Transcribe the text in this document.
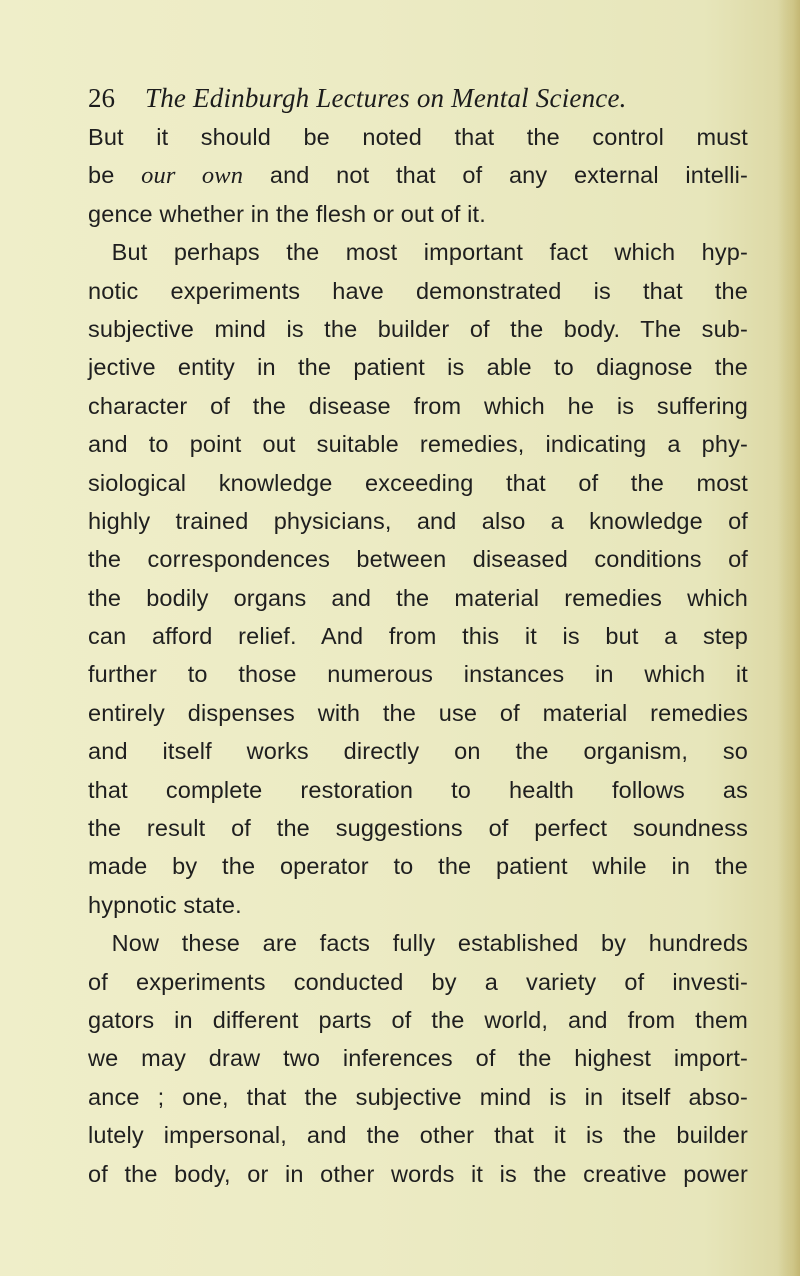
26 The Edinburgh Lectures on Mental Science.
But it should be noted that the control must
be our own and not that of any external intelli-
gence whether in the flesh or out of it.
 But perhaps the most important fact which hyp-
notic experiments have demonstrated is that the
subjective mind is the builder of the body. The sub-
jective entity in the patient is able to diagnose the
character of the disease from which he is suffering
and to point out suitable remedies, indicating a phy-
siological knowledge exceeding that of the most
highly trained physicians, and also a knowledge of
the correspondences between diseased conditions of
the bodily organs and the material remedies which
can afford relief. And from this it is but a step
further to those numerous instances in which it
entirely dispenses with the use of material remedies
and itself works directly on the organism, so
that complete restoration to health follows as
the result of the suggestions of perfect soundness
made by the operator to the patient while in the
hypnotic state.
 Now these are facts fully established by hundreds
of experiments conducted by a variety of investi-
gators in different parts of the world, and from them
we may draw two inferences of the highest import-
ance ; one, that the subjective mind is in itself abso-
lutely impersonal, and the other that it is the builder
of the body, or in other words it is the creative power
